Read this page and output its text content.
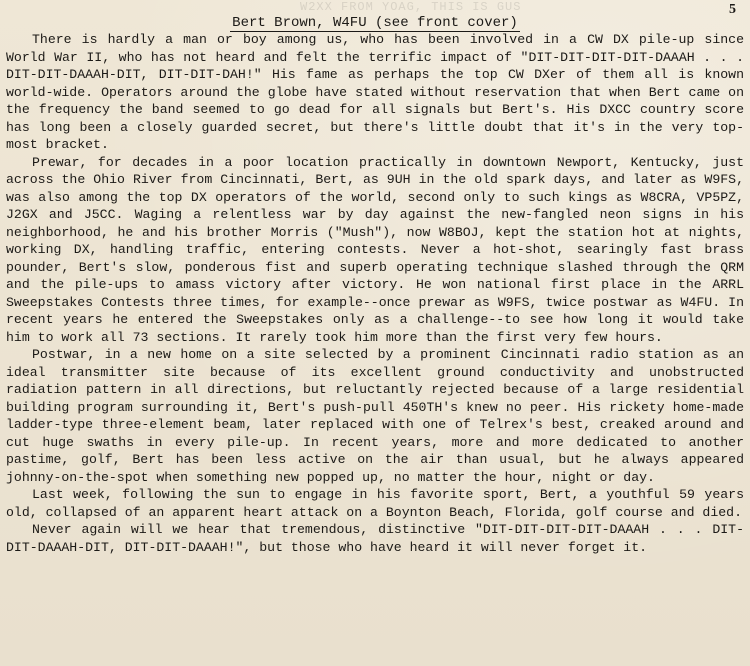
W2XX FROM YOAG, THIS IS GUS	5
Bert Brown, W4FU (see front cover)

There is hardly a man or boy among us, who has been involved in a CW DX pile-up since World War II, who has not heard and felt the terrific impact of "DIT-DIT-DIT-DIT-DAAAH . . . DIT-DIT-DAAAH-DIT, DIT-DIT-DAH!" His fame as perhaps the top CW DXer of them all is known world-wide. Operators around the globe have stated without reservation that when Bert came on the frequency the band seemed to go dead for all signals but Bert's. His DXCC country score has long been a closely guarded secret, but there's little doubt that it's in the very top-most bracket.

Prewar, for decades in a poor location practically in downtown Newport, Kentucky, just across the Ohio River from Cincinnati, Bert, as 9UH in the old spark days, and later as W9FS, was also among the top DX operators of the world, second only to such kings as W8CRA, VP5PZ, J2GX and J5CC. Waging a relentless war by day against the new-fangled neon signs in his neighborhood, he and his brother Morris ("Mush"), now W8BOJ, kept the station hot at nights, working DX, handling traffic, entering contests. Never a hot-shot, searingly fast brass pounder, Bert's slow, ponderous fist and superb operating technique slashed through the QRM and the pile-ups to amass victory after victory. He won national first place in the ARRL Sweepstakes Contests three times, for example--once prewar as W9FS, twice postwar as W4FU. In recent years he entered the Sweepstakes only as a challenge--to see how long it would take him to work all 73 sections. It rarely took him more than the first very few hours.

Postwar, in a new home on a site selected by a prominent Cincinnati radio station as an ideal transmitter site because of its excellent ground conductivity and unobstructed radiation pattern in all directions, but reluctantly rejected because of a large residential building program surrounding it, Bert's push-pull 450TH's knew no peer. His rickety home-made ladder-type three-element beam, later replaced with one of Telrex's best, creaked around and cut huge swaths in every pile-up. In recent years, more and more dedicated to another pastime, golf, Bert has been less active on the air than usual, but he always appeared johnny-on-the-spot when something new popped up, no matter the hour, night or day.

Last week, following the sun to engage in his favorite sport, Bert, a youthful 59 years old, collapsed of an apparent heart attack on a Boynton Beach, Florida, golf course and died.

Never again will we hear that tremendous, distinctive "DIT-DIT-DIT-DIT-DAAAH . . . DIT-DIT-DAAAH-DIT, DIT-DIT-DAAAH!", but those who have heard it will never forget it.
